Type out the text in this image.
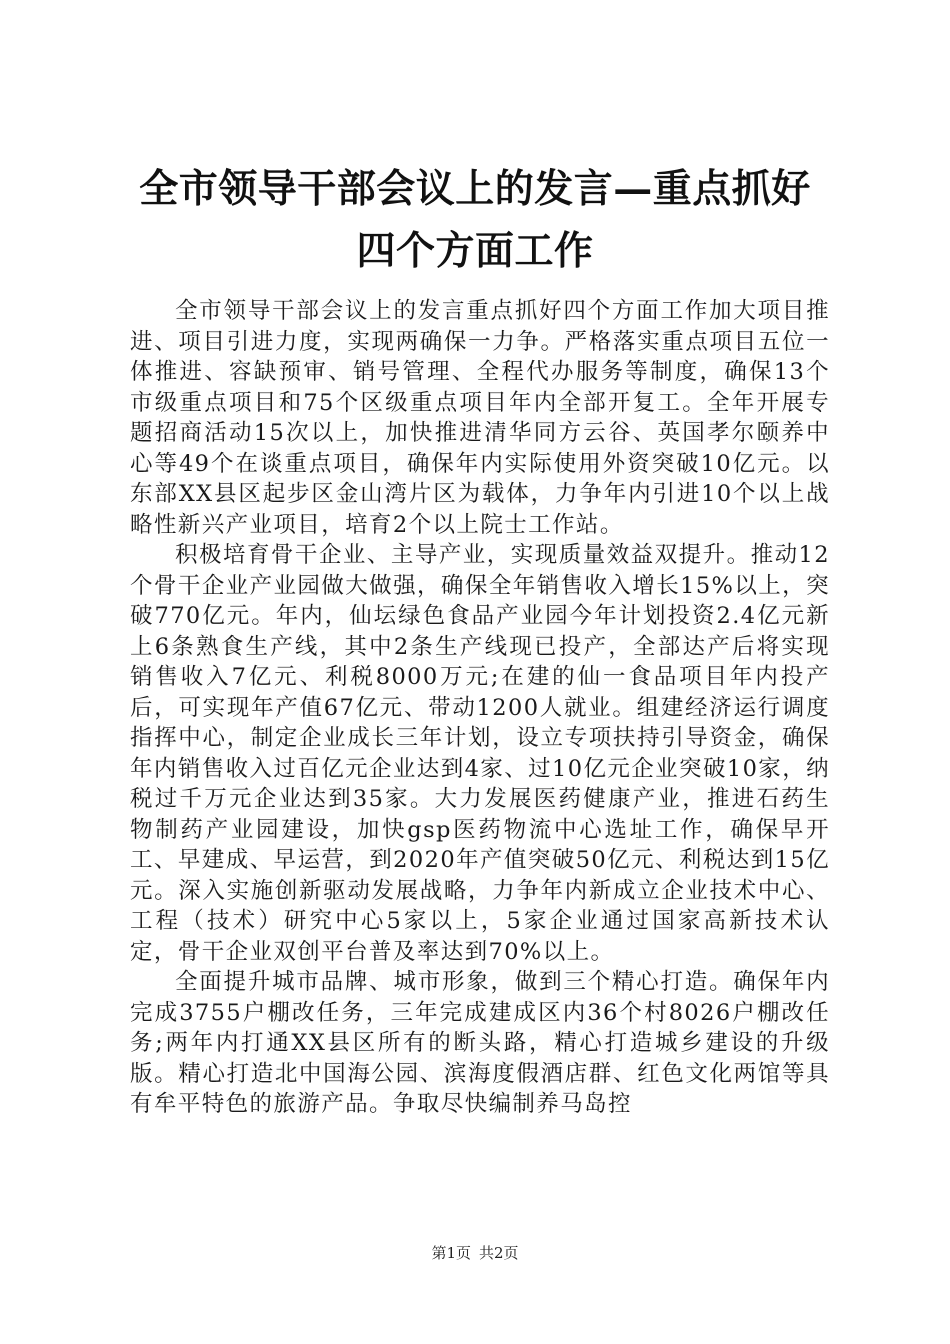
全市领导干部会议上的发言—重点抓好四个方面工作

全市领导干部会议上的发言重点抓好四个方面工作加大项目推进、项目引进力度，实现两确保一力争。严格落实重点项目五位一体推进、容缺预审、销号管理、全程代办服务等制度，确保13个市级重点项目和75个区级重点项目年内全部开复工。全年开展专题招商活动15次以上，加快推进清华同方云谷、英国孝尔颐养中心等49个在谈重点项目，确保年内实际使用外资突破10亿元。以东部XX县区起步区金山湾片区为载体，力争年内引进10个以上战略性新兴产业项目，培育2个以上院士工作站。

积极培育骨干企业、主导产业，实现质量效益双提升。推动12个骨干企业产业园做大做强，确保全年销售收入增长15%以上，突破770亿元。年内，仙坛绿色食品产业园今年计划投资2.4亿元新上6条熟食生产线，其中2条生产线现已投产，全部达产后将实现销售收入7亿元、利税8000万元;在建的仙一食品项目年内投产后，可实现年产值67亿元、带动1200人就业。组建经济运行调度指挥中心，制定企业成长三年计划，设立专项扶持引导资金，确保年内销售收入过百亿元企业达到4家、过10亿元企业突破10家，纳税过千万元企业达到35家。大力发展医药健康产业，推进石药生物制药产业园建设，加快gsp医药物流中心选址工作，确保早开工、早建成、早运营，到2020年产值突破50亿元、利税达到15亿元。深入实施创新驱动发展战略，力争年内新成立企业技术中心、工程（技术）研究中心5家以上，5家企业通过国家高新技术认定，骨干企业双创平台普及率达到70%以上。

全面提升城市品牌、城市形象，做到三个精心打造。确保年内完成3755户棚改任务，三年完成建成区内36个村8026户棚改任务;两年内打通XX县区所有的断头路，精心打造城乡建设的升级版。精心打造北中国海公园、滨海度假酒店群、红色文化两馆等具有牟平特色的旅游产品。争取尽快编制养马岛控

第1页 共2页
